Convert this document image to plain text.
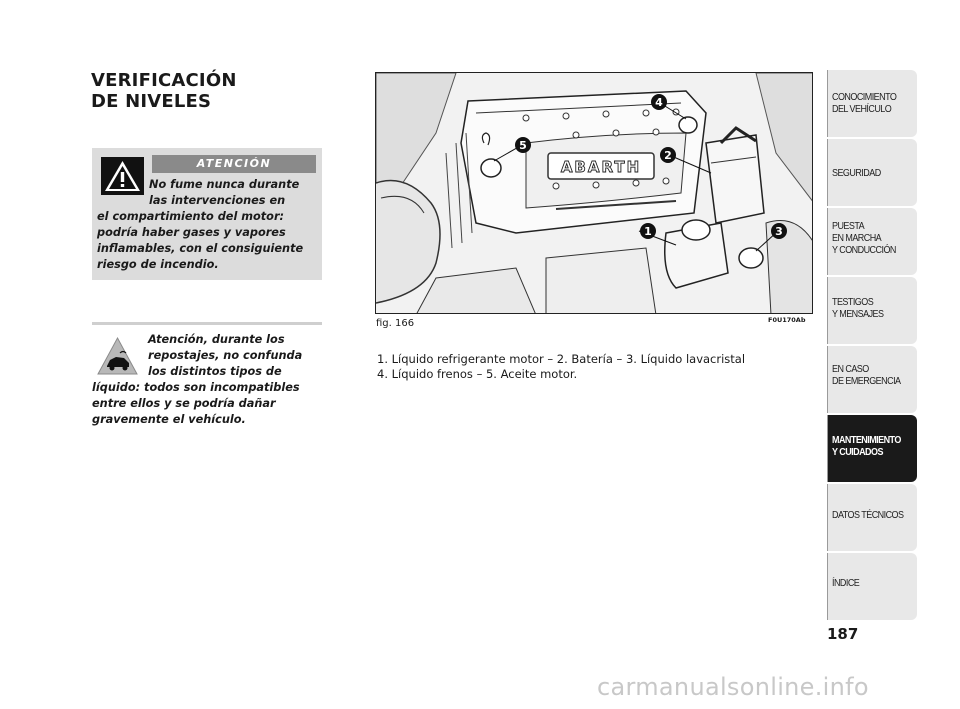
VERIFICACIÓN
DE NIVELES
ATENCIÓN
No fume nunca durante
las intervenciones en
el compartimiento del motor:
podría haber gases y vapores
inflamables, con el consiguiente
riesgo de incendio.
Atención, durante los
repostajes, no confunda
los distintos tipos de
líquido: todos son incompatibles
entre ellos y se podría dañar
gravemente el vehículo.
ABARTH
1
2
3
4
5
fig. 166	F0U170Ab
1. Líquido refrigerante motor – 2. Batería – 3. Líquido lavacristal
4. Líquido frenos – 5. Aceite motor.
CONOCIMIENTO
DEL VEHÍCULO
SEGURIDAD
PUESTA
EN MARCHA
Y CONDUCCIÓN
TESTIGOS
Y MENSAJES
EN CASO
DE EMERGENCIA
MANTENIMIENTO
Y CUIDADOS
DATOS TÉCNICOS
ÍNDICE
187
carmanualsonline.info
